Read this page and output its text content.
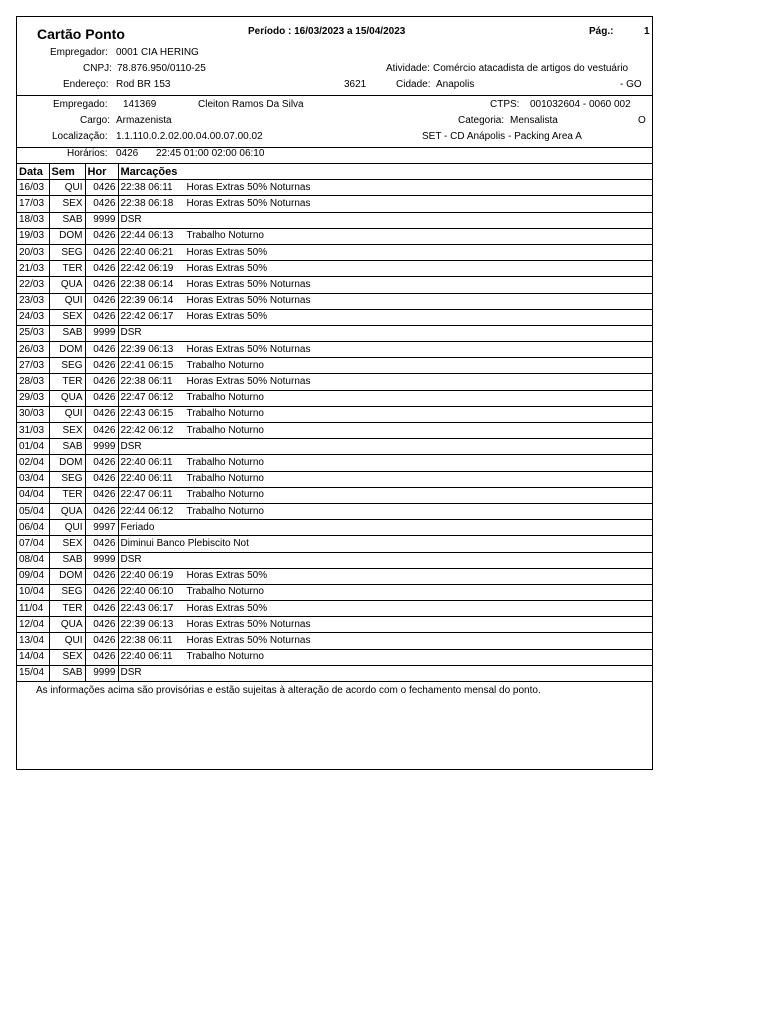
Cartão Ponto	Período : 16/03/2023 a 15/04/2023	Pág.:	1
Empregador: 0001 CIA HERING
CNPJ: 78.876.950/0110-25	Atividade: Comércio atacadista de artigos do vestuário
Endereço: Rod BR 153	3621	Cidade: Anapolis	- GO
Empregado: 141369	Cleiton Ramos Da Silva	CTPS: 001032604 - 0060 002
Cargo: Armazenista	Categoria: Mensalista	O
Localização: 1.1.110.0.2.02.00.04.00.07.00.02	SET - CD Anápolis - Packing Area A
Horários: 0426 22:45 01:00 02:00 06:10
Data	Sem	Hor	Marcações
16/03	QUI	0426	22:38 06:11 Horas Extras 50% Noturnas
17/03	SEX	0426	22:38 06:18 Horas Extras 50% Noturnas
18/03	SAB	9999	DSR
19/03	DOM	0426	22:44 06:13 Trabalho Noturno
20/03	SEG	0426	22:40 06:21 Horas Extras 50%
21/03	TER	0426	22:42 06:19 Horas Extras 50%
22/03	QUA	0426	22:38 06:14 Horas Extras 50% Noturnas
23/03	QUI	0426	22:39 06:14 Horas Extras 50% Noturnas
24/03	SEX	0426	22:42 06:17 Horas Extras 50%
25/03	SAB	9999	DSR
26/03	DOM	0426	22:39 06:13 Horas Extras 50% Noturnas
27/03	SEG	0426	22:41 06:15 Trabalho Noturno
28/03	TER	0426	22:38 06:11 Horas Extras 50% Noturnas
29/03	QUA	0426	22:47 06:12 Trabalho Noturno
30/03	QUI	0426	22:43 06:15 Trabalho Noturno
31/03	SEX	0426	22:42 06:12 Trabalho Noturno
01/04	SAB	9999	DSR
02/04	DOM	0426	22:40 06:11 Trabalho Noturno
03/04	SEG	0426	22:40 06:11 Trabalho Noturno
04/04	TER	0426	22:47 06:11 Trabalho Noturno
05/04	QUA	0426	22:44 06:12 Trabalho Noturno
06/04	QUI	9997	Feriado
07/04	SEX	0426	Diminui Banco Plebiscito Not
08/04	SAB	9999	DSR
09/04	DOM	0426	22:40 06:19 Horas Extras 50%
10/04	SEG	0426	22:40 06:10 Trabalho Noturno
11/04	TER	0426	22:43 06:17 Horas Extras 50%
12/04	QUA	0426	22:39 06:13 Horas Extras 50% Noturnas
13/04	QUI	0426	22:38 06:11 Horas Extras 50% Noturnas
14/04	SEX	0426	22:40 06:11 Trabalho Noturno
15/04	SAB	9999	DSR
As informações acima são provisórias e estão sujeitas à alteração de acordo com o fechamento mensal do ponto.
